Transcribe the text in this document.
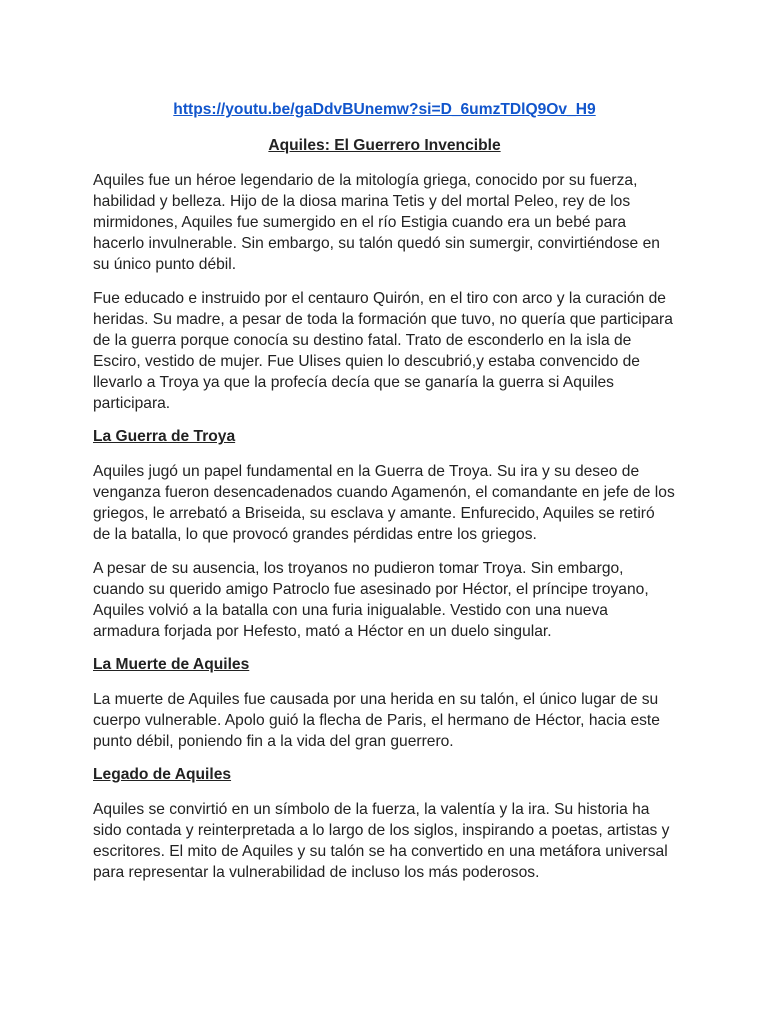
https://youtu.be/gaDdvBUnemw?si=D_6umzTDlQ9Ov_H9
Aquiles: El Guerrero Invencible

Aquiles fue un héroe legendario de la mitología griega, conocido por su fuerza, habilidad y belleza. Hijo de la diosa marina Tetis y del mortal Peleo, rey de los mirmidones, Aquiles fue sumergido en el río Estigia cuando era un bebé para hacerlo invulnerable. Sin embargo, su talón quedó sin sumergir, convirtiéndose en su único punto débil.

Fue educado e instruido por el centauro Quirón, en el tiro con arco y la curación de heridas. Su madre, a pesar de toda la formación que tuvo, no quería que participara de la guerra porque conocía su destino fatal. Trato de esconderlo en la isla de Esciro, vestido de mujer. Fue Ulises quien lo descubrió,y estaba convencido de llevarlo a Troya ya que la profecía decía que se ganaría la guerra si Aquiles participara.

La Guerra de Troya

Aquiles jugó un papel fundamental en la Guerra de Troya. Su ira y su deseo de venganza fueron desencadenados cuando Agamenón, el comandante en jefe de los griegos, le arrebató a Briseida, su esclava y amante. Enfurecido, Aquiles se retiró de la batalla, lo que provocó grandes pérdidas entre los griegos.

A pesar de su ausencia, los troyanos no pudieron tomar Troya. Sin embargo, cuando su querido amigo Patroclo fue asesinado por Héctor, el príncipe troyano, Aquiles volvió a la batalla con una furia inigualable. Vestido con una nueva armadura forjada por Hefesto, mató a Héctor en un duelo singular.

La Muerte de Aquiles

La muerte de Aquiles fue causada por una herida en su talón, el único lugar de su cuerpo vulnerable. Apolo guió la flecha de Paris, el hermano de Héctor, hacia este punto débil, poniendo fin a la vida del gran guerrero.

Legado de Aquiles

Aquiles se convirtió en un símbolo de la fuerza, la valentía y la ira. Su historia ha sido contada y reinterpretada a lo largo de los siglos, inspirando a poetas, artistas y escritores. El mito de Aquiles y su talón se ha convertido en una metáfora universal para representar la vulnerabilidad de incluso los más poderosos.
